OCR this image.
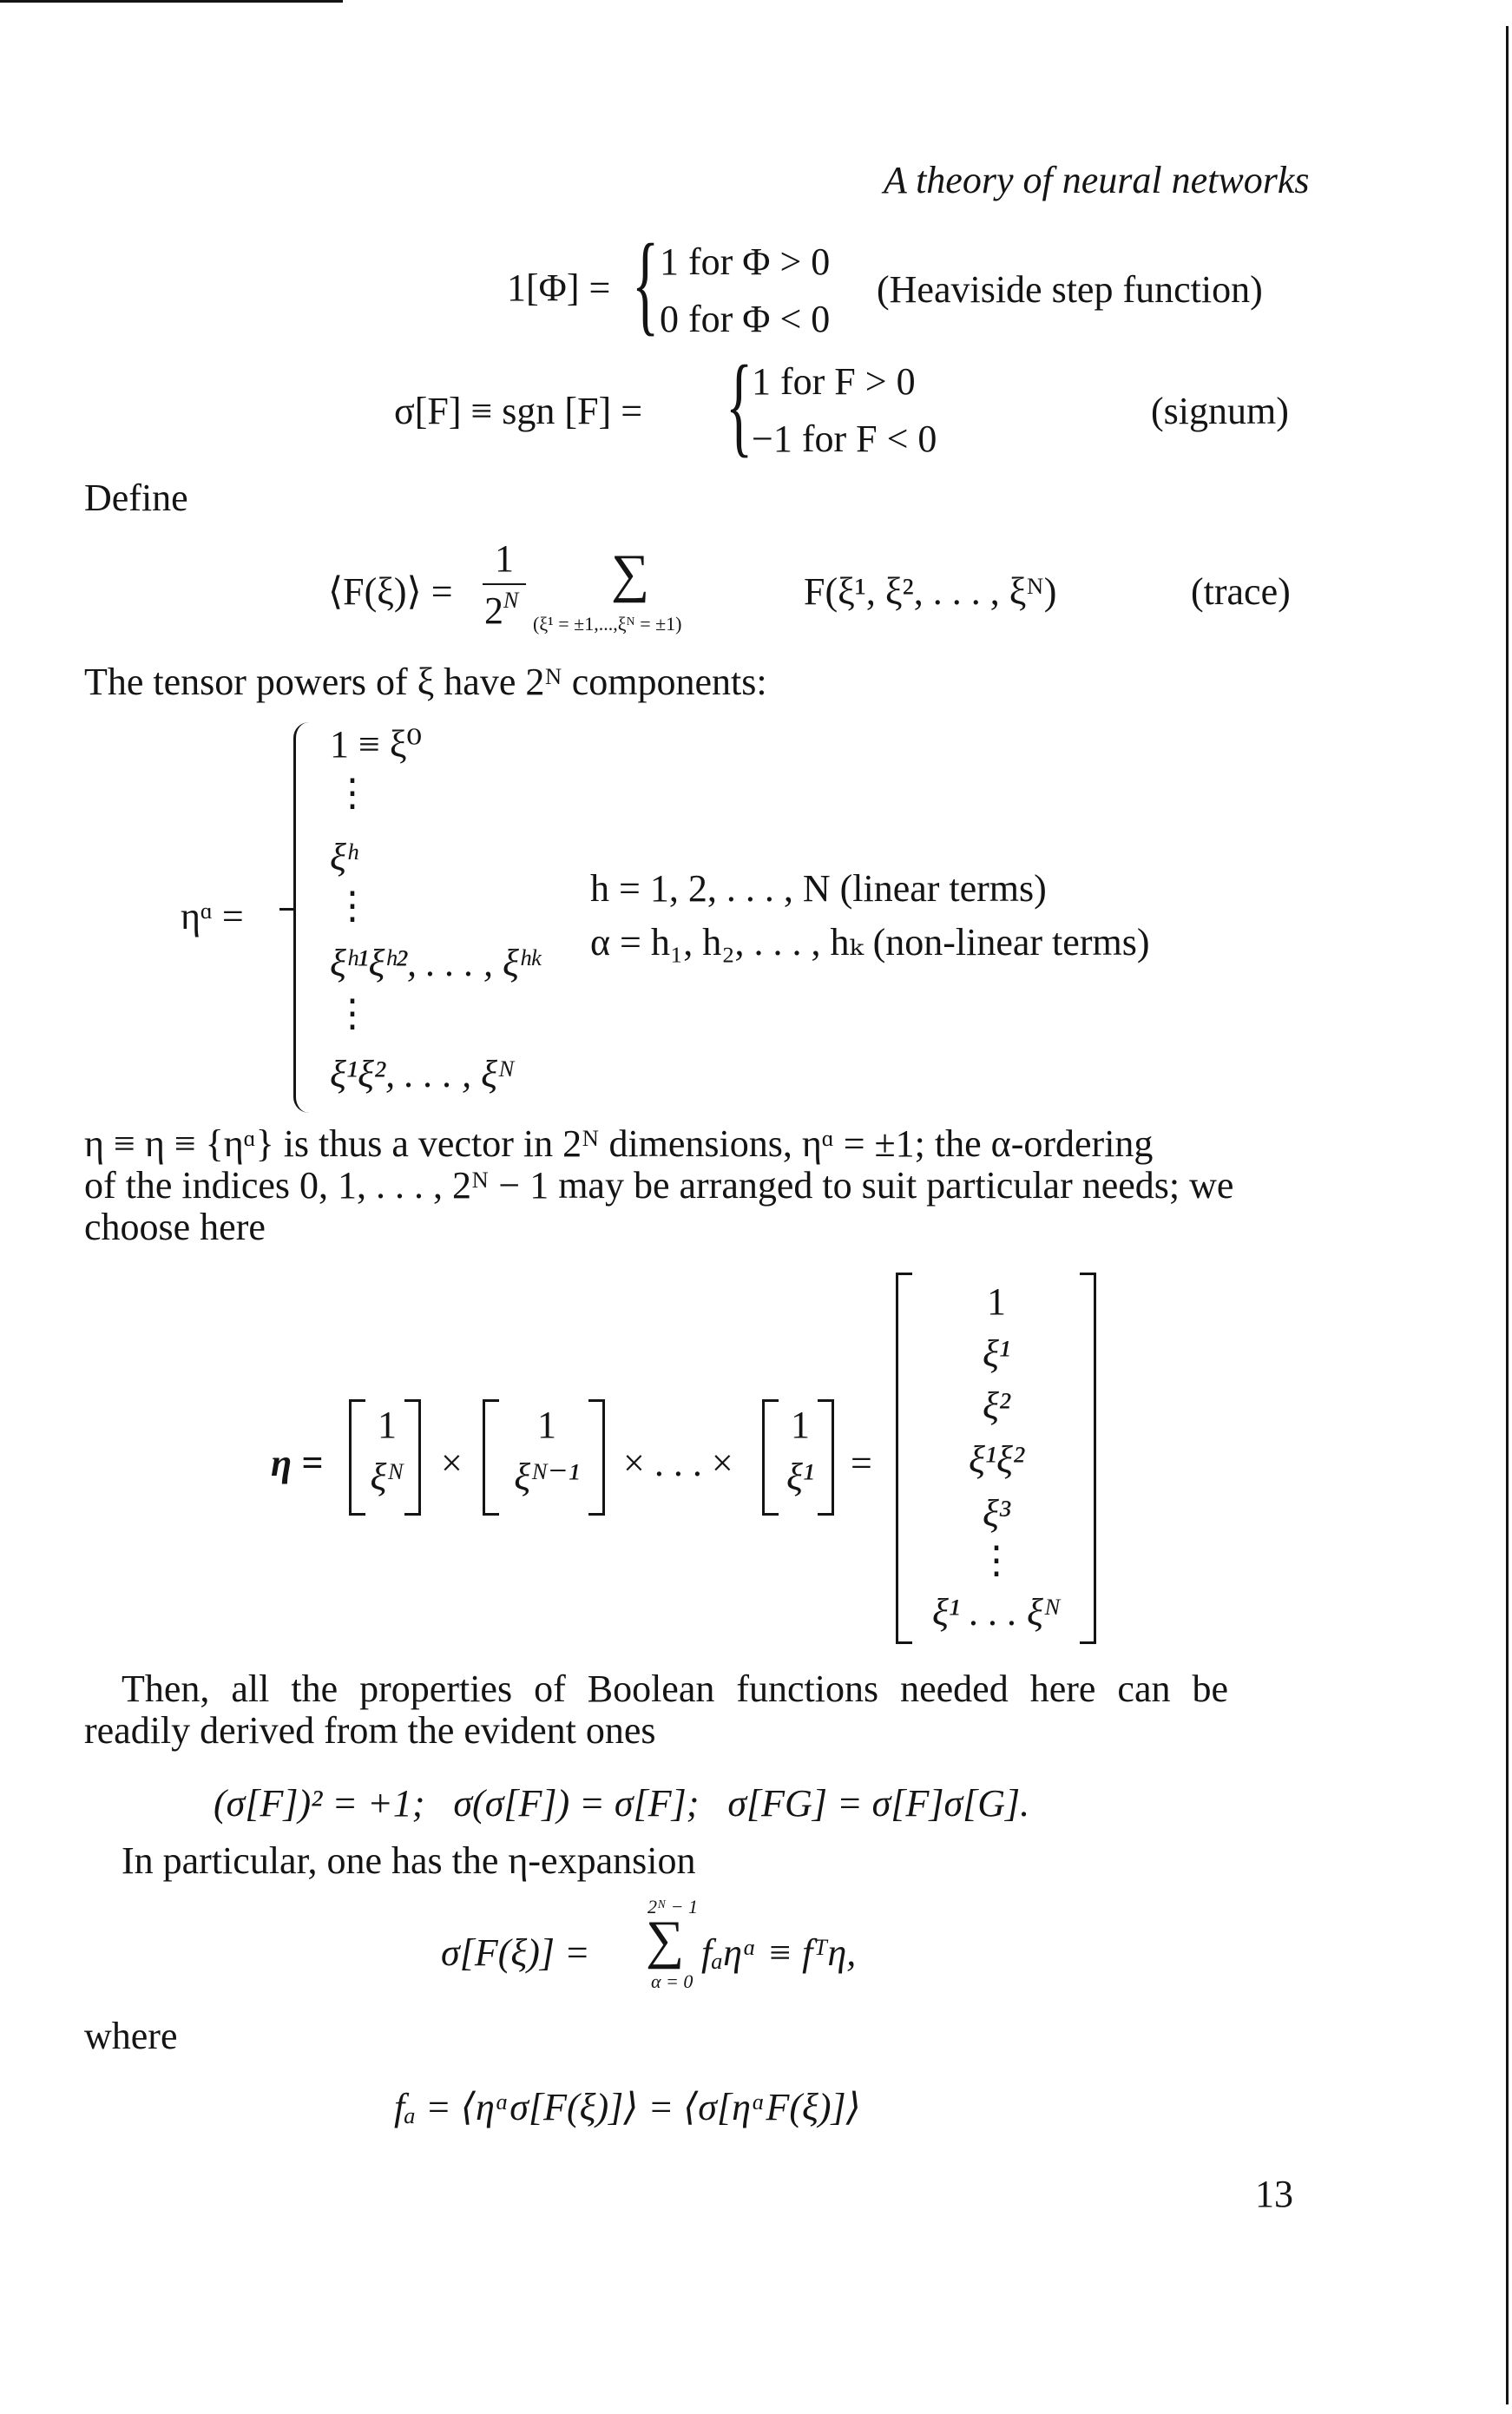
A theory of neural networks
1[Φ] = { 1 for Φ > 0
0 for Φ < 0
(Heaviside step function)
σ[F] ≡ sgn [F] = {
1 for F > 0
−1 for F < 0
(signum)
Define
⟨F(ξ)⟩ =
1
$2^N$ ∑
(ξ¹ = ±1,...,ξᴺ = ±1)
F(ξ¹, ξ², . . . , ξᴺ)	(trace)
The tensor powers of ξ have 2ᴺ components:
ηᵅ =
1 ≡ ξ⁰
⋮
ξʰ
⋮
ξʰ¹ξʰ², . . . , ξʰᵏ
⋮
ξ¹ξ², . . . , ξᴺ
h = 1, 2, . . . , N (linear terms)
α = h₁, h₂, . . . , hₖ (non-linear terms)
η ≡ η ≡ {ηᵅ} is thus a vector in 2ᴺ dimensions, ηᵅ = ±1; the α-ordering
of the indices 0, 1, . . . , 2ᴺ − 1 may be arranged to suit particular needs; we
choose here
η =
1
ξᴺ ×
1
ξᴺ⁻¹ × . . . ×
1
ξ¹ =
1
ξ¹
ξ²
ξ¹ξ²
ξ³
⋮
ξ¹ . . . ξᴺ
Then, all the properties of Boolean functions needed here can be
readily derived from the evident ones
(σ[F])² = +1;   σ(σ[F]) = σ[F];   σ[FG] = σ[F]σ[G].
In particular, one has the η-expansion
σ[F(ξ)] =
2ᴺ − 1
∑
α = 0
fₐηᵅ ≡ fᵀη,
where
fₐ = ⟨ηᵅσ[F(ξ)]⟩ = ⟨σ[ηᵅF(ξ)]⟩
13
